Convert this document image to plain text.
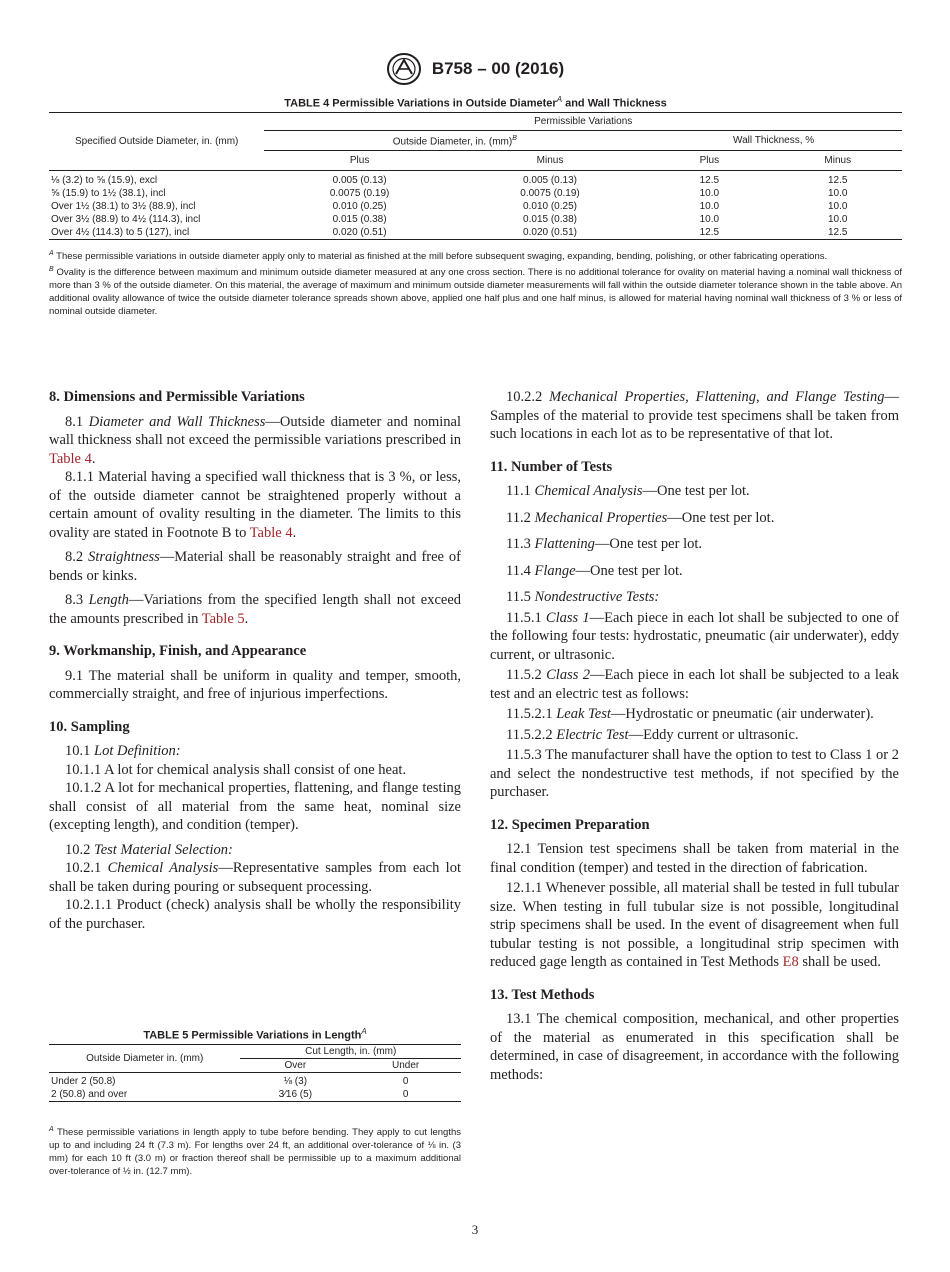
B758 – 00 (2016)
TABLE 4 Permissible Variations in Outside Diameter$^A$ and Wall Thickness
Specified Outside Diameter, in. (mm)	Permissible Variations			
	Outside Diameter, in. (mm)$^B$		Wall Thickness, %	
	Plus	Minus	Plus	Minus
⅛ (3.2) to ⅝ (15.9), excl	0.005 (0.13)	0.005 (0.13)	12.5	12.5
⅝ (15.9) to 1½ (38.1), incl	0.0075 (0.19)	0.0075 (0.19)	10.0	10.0
Over 1½ (38.1) to 3½ (88.9), incl	0.010 (0.25)	0.010 (0.25)	10.0	10.0
Over 3½ (88.9) to 4½ (114.3), incl	0.015 (0.38)	0.015 (0.38)	10.0	10.0
Over 4½ (114.3) to 5 (127), incl	0.020 (0.51)	0.020 (0.51)	12.5	12.5
$^A$ These permissible variations in outside diameter apply only to material as finished at the mill before subsequent swaging, expanding, bending, polishing, or other fabricating operations.
$^B$ Ovality is the difference between maximum and minimum outside diameter measured at any one cross section. There is no additional tolerance for ovality on material having a nominal wall thickness of more than 3 % of the outside diameter. On this material, the average of maximum and minimum outside diameter measurements will fall within the outside diameter tolerance shown in the table above. An additional ovality allowance of twice the outside diameter tolerance spreads shown above, applied one half plus and one half minus, is allowed for material having nominal wall thickness of 3 % or less of nominal outside diameter.
8. Dimensions and Permissible Variations

8.1 Diameter and Wall Thickness—Outside diameter and nominal wall thickness shall not exceed the permissible variations prescribed in Table 4.

8.1.1 Material having a specified wall thickness that is 3 %, or less, of the outside diameter cannot be straightened properly without a certain amount of ovality resulting in the diameter. The limits to this ovality are stated in Footnote B to Table 4.

8.2 Straightness—Material shall be reasonably straight and free of bends or kinks.

8.3 Length—Variations from the specified length shall not exceed the amounts prescribed in Table 5.

9. Workmanship, Finish, and Appearance

9.1 The material shall be uniform in quality and temper, smooth, commercially straight, and free of injurious imperfections.

10. Sampling

10.1 Lot Definition:

10.1.1 A lot for chemical analysis shall consist of one heat.

10.1.2 A lot for mechanical properties, flattening, and flange testing shall consist of all material from the same heat, nominal size (excepting length), and condition (temper).

10.2 Test Material Selection:

10.2.1 Chemical Analysis—Representative samples from each lot shall be taken during pouring or subsequent processing.

10.2.1.1 Product (check) analysis shall be wholly the responsibility of the purchaser.

TABLE 5 Permissible Variations in Length$^A$
Outside Diameter in. (mm)	Cut Length, in. (mm)	
	Over	Under
Under 2 (50.8)	⅛ (3)	0
2 (50.8) and over	3⁄16 (5)	0
$^A$ These permissible variations in length apply to tube before bending. They apply to cut lengths up to and including 24 ft (7.3 m). For lengths over 24 ft, an additional over-tolerance of ⅛ in. (3 mm) for each 10 ft (3.0 m) or fraction thereof shall be permissible up to a maximum additional over-tolerance of ½ in. (12.7 mm).

10.2.2 Mechanical Properties, Flattening, and Flange Testing—Samples of the material to provide test specimens shall be taken from such locations in each lot as to be representative of that lot.

11. Number of Tests

11.1 Chemical Analysis—One test per lot.

11.2 Mechanical Properties—One test per lot.

11.3 Flattening—One test per lot.

11.4 Flange—One test per lot.

11.5 Nondestructive Tests:

11.5.1 Class 1—Each piece in each lot shall be subjected to one of the following four tests: hydrostatic, pneumatic (air underwater), eddy current, or ultrasonic.

11.5.2 Class 2—Each piece in each lot shall be subjected to a leak test and an electric test as follows:

11.5.2.1 Leak Test—Hydrostatic or pneumatic (air underwater).

11.5.2.2 Electric Test—Eddy current or ultrasonic.

11.5.3 The manufacturer shall have the option to test to Class 1 or 2 and select the nondestructive test methods, if not specified by the purchaser.

12. Specimen Preparation

12.1 Tension test specimens shall be taken from material in the final condition (temper) and tested in the direction of fabrication.

12.1.1 Whenever possible, all material shall be tested in full tubular size. When testing in full tubular size is not possible, longitudinal strip specimens shall be used. In the event of disagreement when full tubular testing is not possible, a longitudinal strip specimen with reduced gage length as contained in Test Methods E8 shall be used.

13. Test Methods

13.1 The chemical composition, mechanical, and other properties of the material as enumerated in this specification shall be determined, in case of disagreement, in accordance with the following methods:

3
